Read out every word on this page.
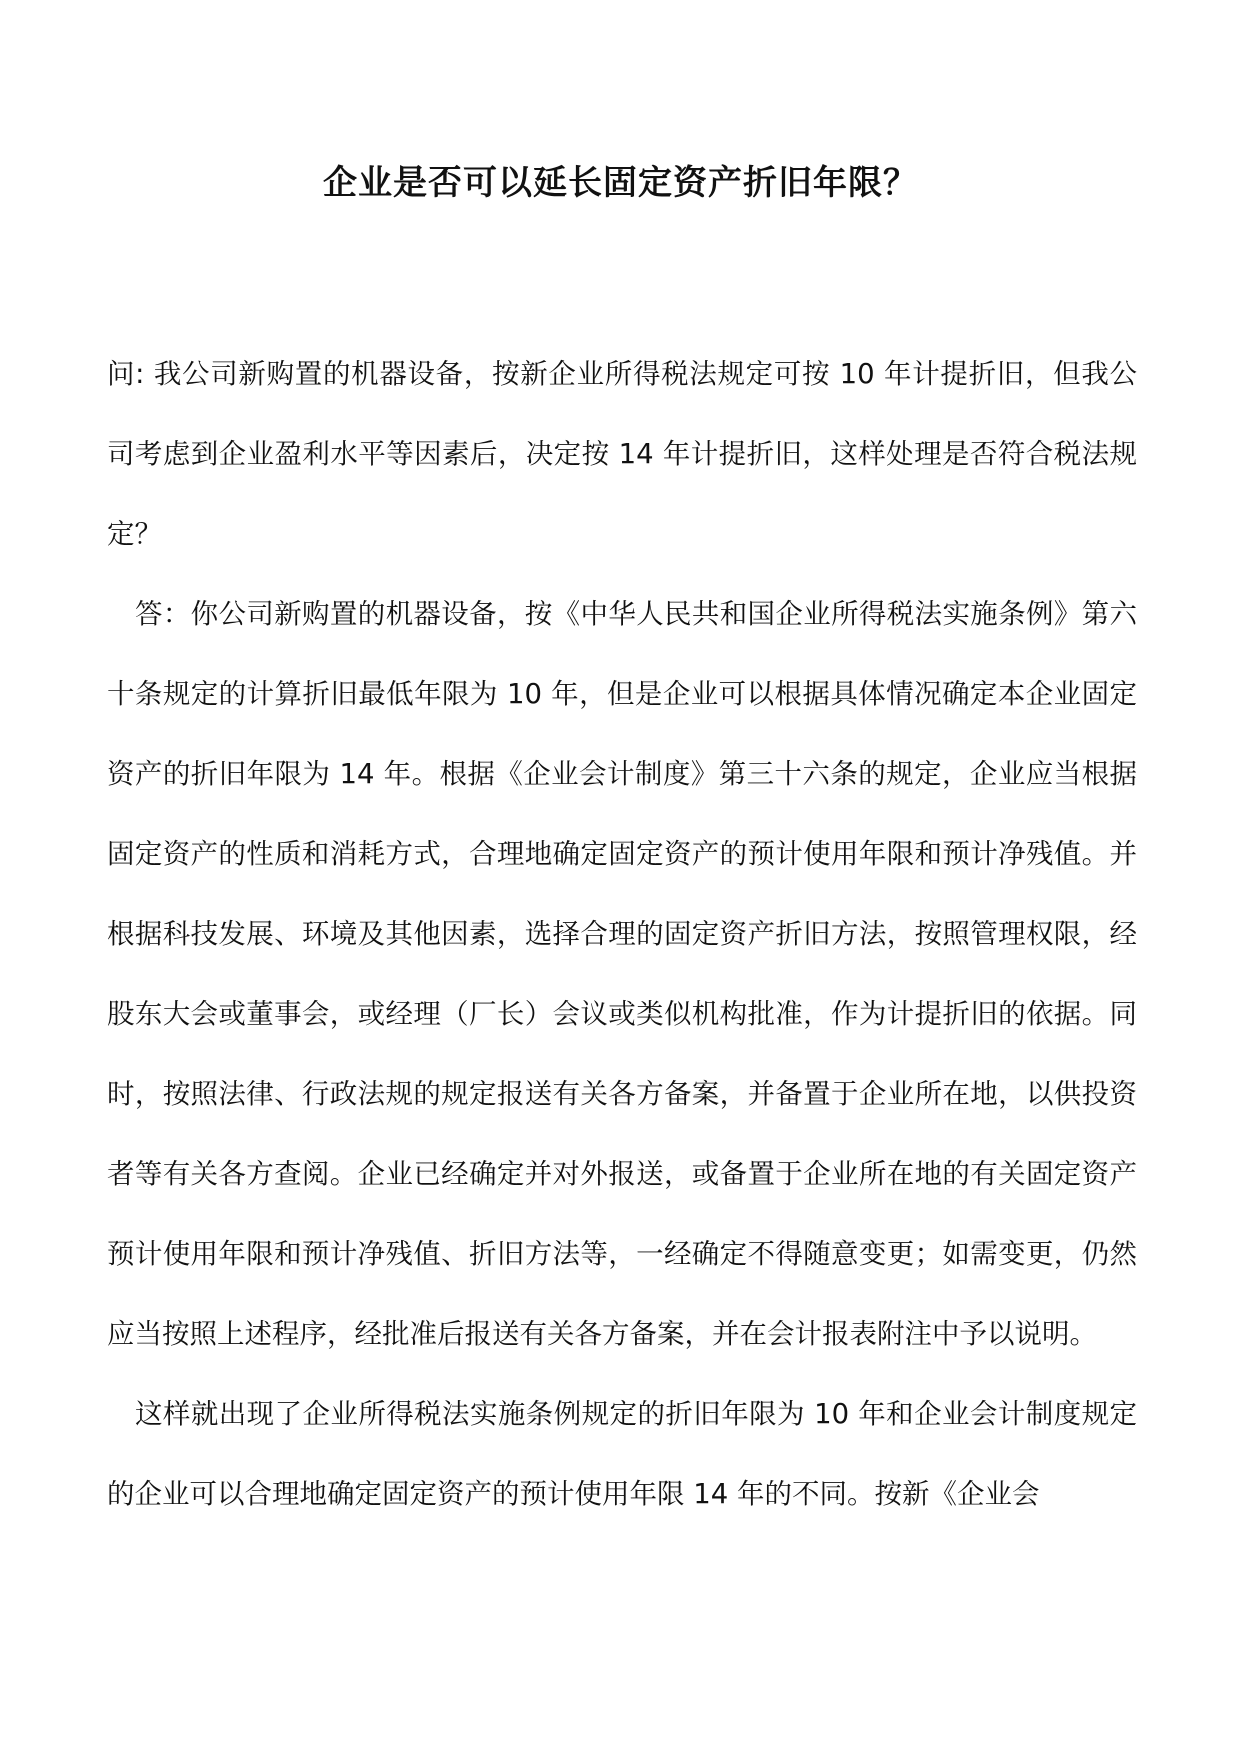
企业是否可以延长固定资产折旧年限？

问: 我公司新购置的机器设备，按新企业所得税法规定可按 10 年计提折旧，但我公司考虑到企业盈利水平等因素后，决定按 14 年计提折旧，这样处理是否符合税法规定？

答：你公司新购置的机器设备，按《中华人民共和国企业所得税法实施条例》第六十条规定的计算折旧最低年限为 10 年，但是企业可以根据具体情况确定本企业固定资产的折旧年限为 14 年。根据《企业会计制度》第三十六条的规定，企业应当根据固定资产的性质和消耗方式，合理地确定固定资产的预计使用年限和预计净残值。并根据科技发展、环境及其他因素，选择合理的固定资产折旧方法，按照管理权限，经股东大会或董事会，或经理（厂长）会议或类似机构批准，作为计提折旧的依据。同时，按照法律、行政法规的规定报送有关各方备案，并备置于企业所在地，以供投资者等有关各方查阅。企业已经确定并对外报送，或备置于企业所在地的有关固定资产预计使用年限和预计净残值、折旧方法等，一经确定不得随意变更；如需变更，仍然应当按照上述程序，经批准后报送有关各方备案，并在会计报表附注中予以说明。

这样就出现了企业所得税法实施条例规定的折旧年限为 10 年和企业会计制度规定的企业可以合理地确定固定资产的预计使用年限 14 年的不同。按新《企业会
